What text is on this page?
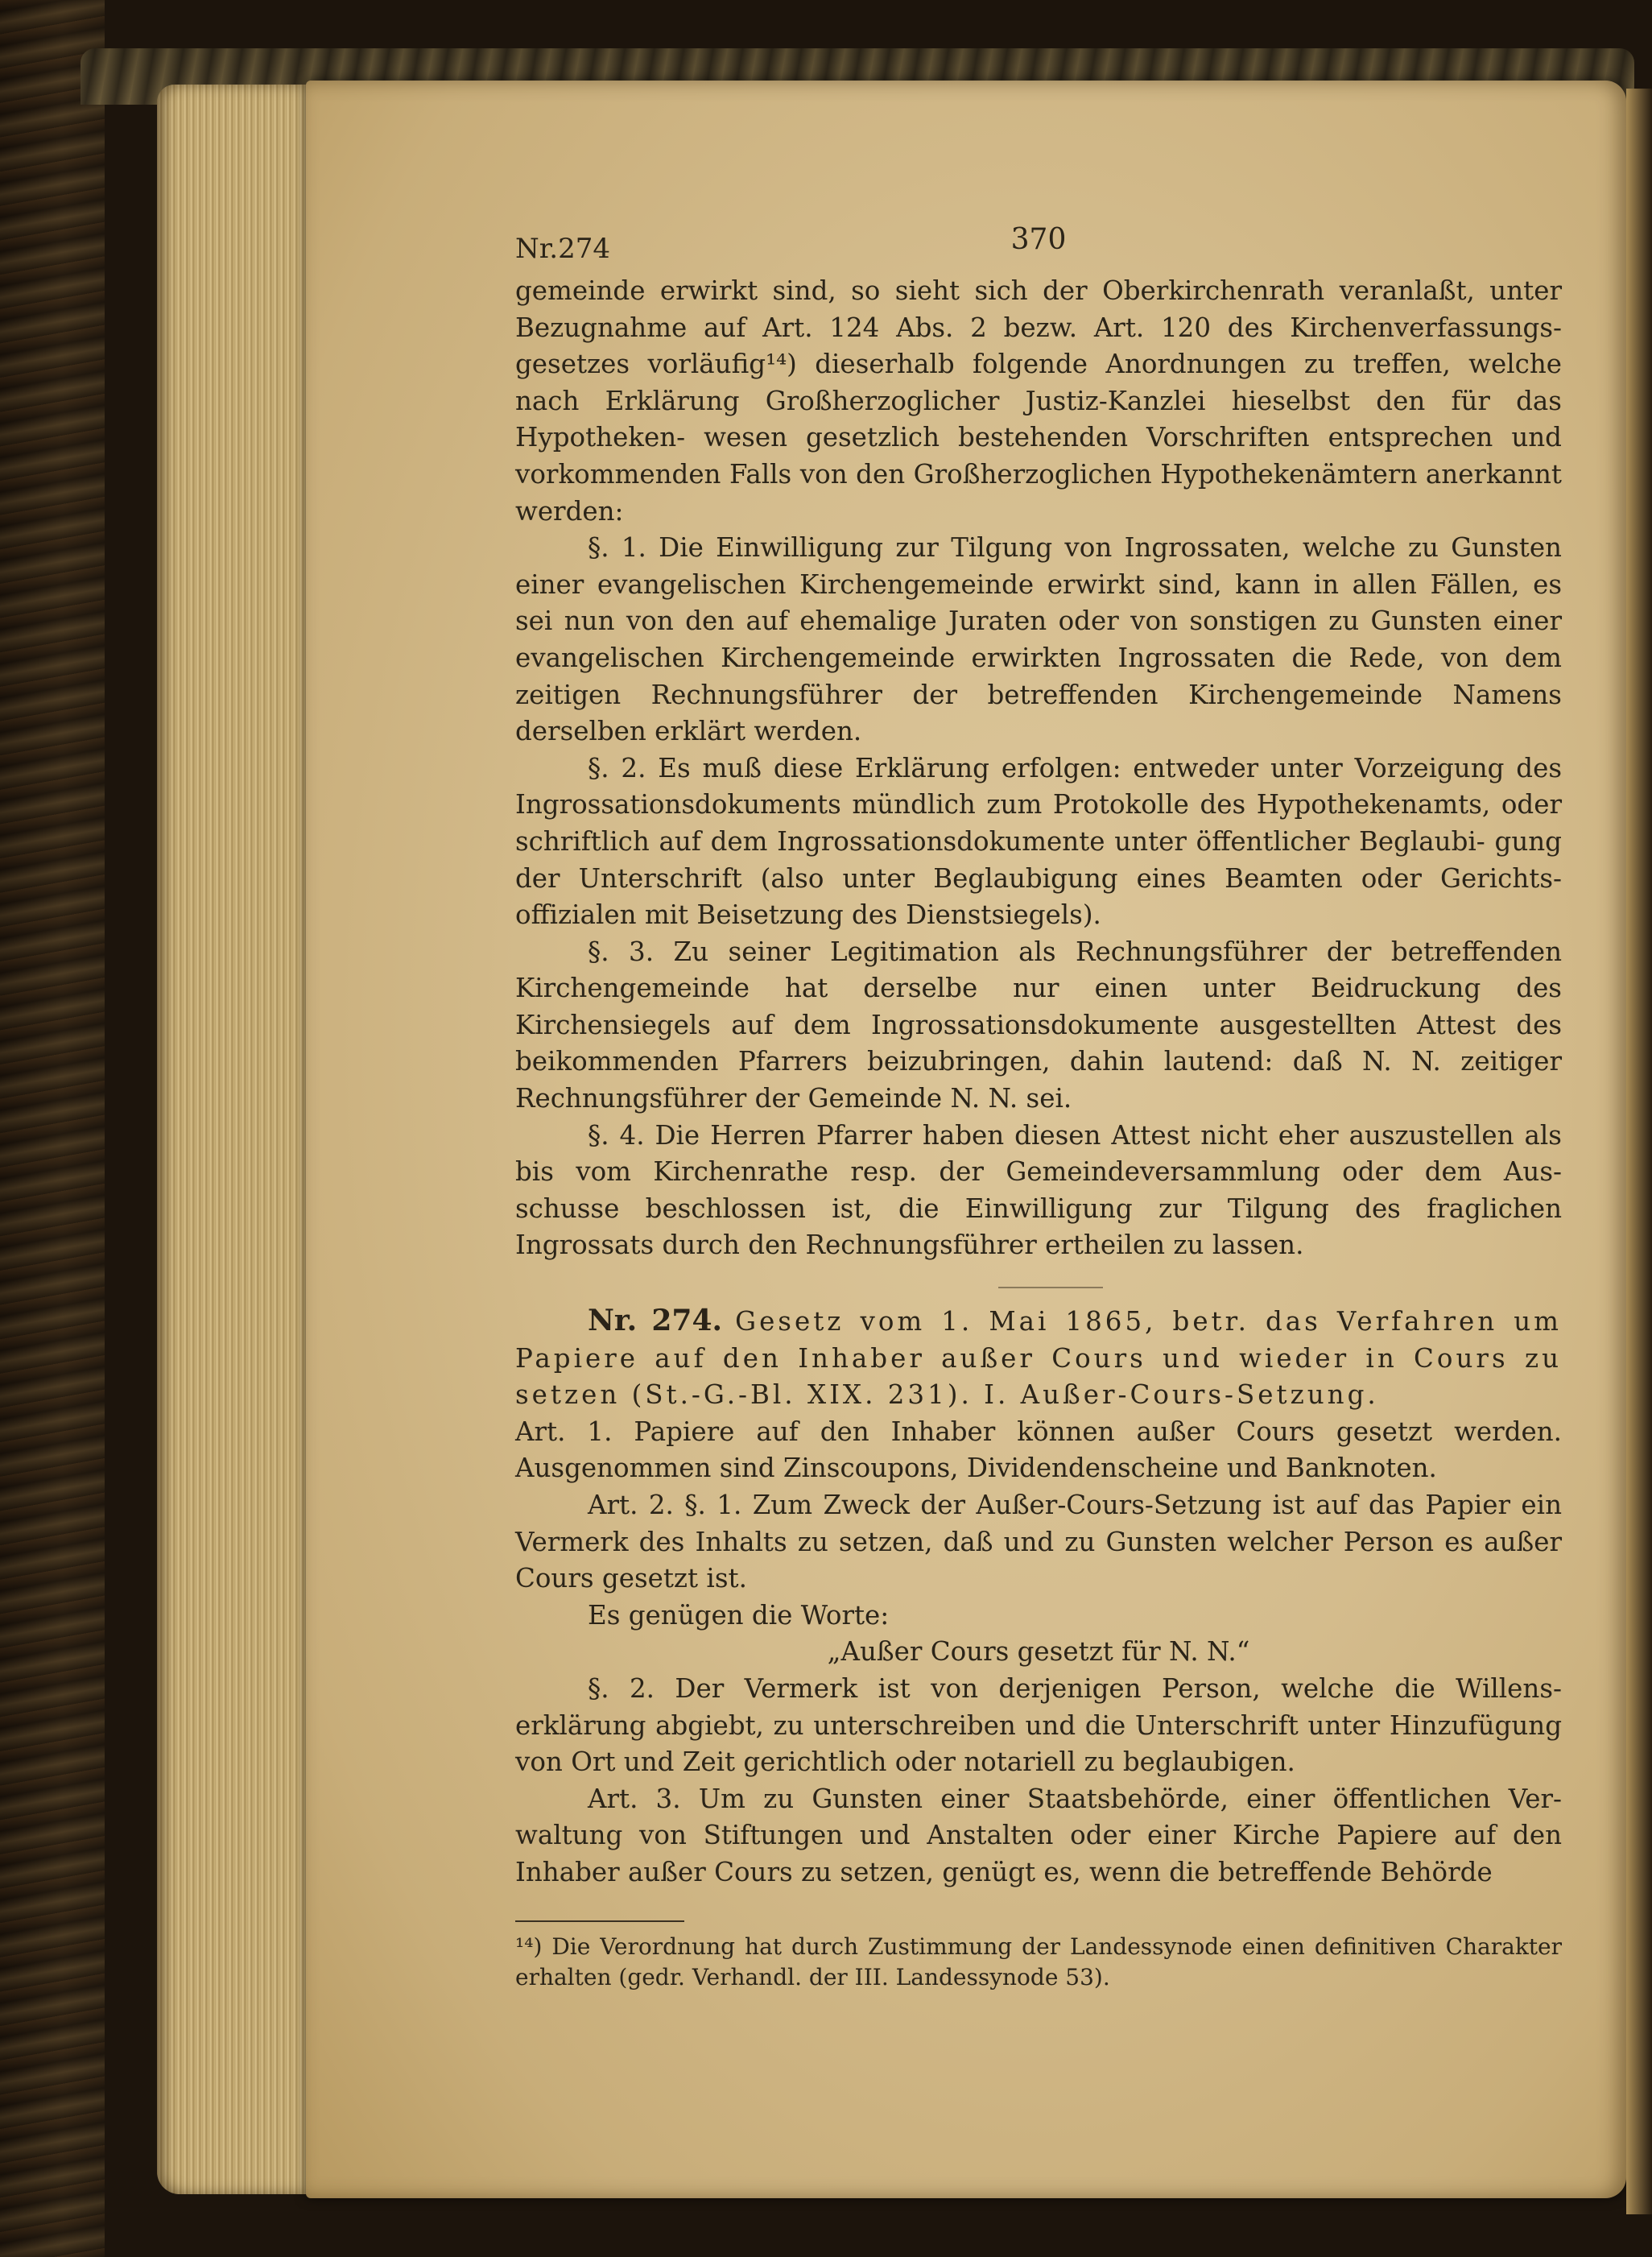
Nr.274	370

gemeinde erwirkt sind, so sieht sich der Oberkirchenrath veranlaßt, unter Bezugnahme auf Art. 124 Abs. 2 bezw. Art. 120 des Kirchenverfassungs- gesetzes vorläufig¹⁴) dieserhalb folgende Anordnungen zu treffen, welche nach Erklärung Großherzoglicher Justiz-Kanzlei hieselbst den für das Hypotheken- wesen gesetzlich bestehenden Vorschriften entsprechen und vorkommenden Falls von den Großherzoglichen Hypothekenämtern anerkannt werden:

§. 1. Die Einwilligung zur Tilgung von Ingrossaten, welche zu Gunsten einer evangelischen Kirchengemeinde erwirkt sind, kann in allen Fällen, es sei nun von den auf ehemalige Juraten oder von sonstigen zu Gunsten einer evangelischen Kirchengemeinde erwirkten Ingrossaten die Rede, von dem zeitigen Rechnungsführer der betreffenden Kirchengemeinde Namens derselben erklärt werden.

§. 2. Es muß diese Erklärung erfolgen: entweder unter Vorzeigung des Ingrossationsdokuments mündlich zum Protokolle des Hypothekenamts, oder schriftlich auf dem Ingrossationsdokumente unter öffentlicher Beglaubi- gung der Unterschrift (also unter Beglaubigung eines Beamten oder Gerichts- offizialen mit Beisetzung des Dienstsiegels).

§. 3. Zu seiner Legitimation als Rechnungsführer der betreffenden Kirchengemeinde hat derselbe nur einen unter Beidruckung des Kirchensiegels auf dem Ingrossationsdokumente ausgestellten Attest des beikommenden Pfarrers beizubringen, dahin lautend: daß N. N. zeitiger Rechnungsführer der Gemeinde N. N. sei.

§. 4. Die Herren Pfarrer haben diesen Attest nicht eher auszustellen als bis vom Kirchenrathe resp. der Gemeindeversammlung oder dem Aus- schusse beschlossen ist, die Einwilligung zur Tilgung des fraglichen Ingrossats durch den Rechnungsführer ertheilen zu lassen.

Nr. 274. Gesetz vom 1. Mai 1865, betr. das Verfahren um Papiere auf den Inhaber außer Cours und wieder in Cours zu setzen (St.-G.-Bl. XIX. 231). I. Außer-Cours-Setzung.

Art. 1. Papiere auf den Inhaber können außer Cours gesetzt werden. Ausgenommen sind Zinscoupons, Dividendenscheine und Banknoten.

Art. 2. §. 1. Zum Zweck der Außer-Cours-Setzung ist auf das Papier ein Vermerk des Inhalts zu setzen, daß und zu Gunsten welcher Person es außer Cours gesetzt ist.

Es genügen die Worte:

„Außer Cours gesetzt für N. N.“

§. 2. Der Vermerk ist von derjenigen Person, welche die Willens- erklärung abgiebt, zu unterschreiben und die Unterschrift unter Hinzufügung von Ort und Zeit gerichtlich oder notariell zu beglaubigen.

Art. 3. Um zu Gunsten einer Staatsbehörde, einer öffentlichen Ver- waltung von Stiftungen und Anstalten oder einer Kirche Papiere auf den Inhaber außer Cours zu setzen, genügt es, wenn die betreffende Behörde

¹⁴) Die Verordnung hat durch Zustimmung der Landessynode einen definitiven Charakter erhalten (gedr. Verhandl. der III. Landessynode 53).
